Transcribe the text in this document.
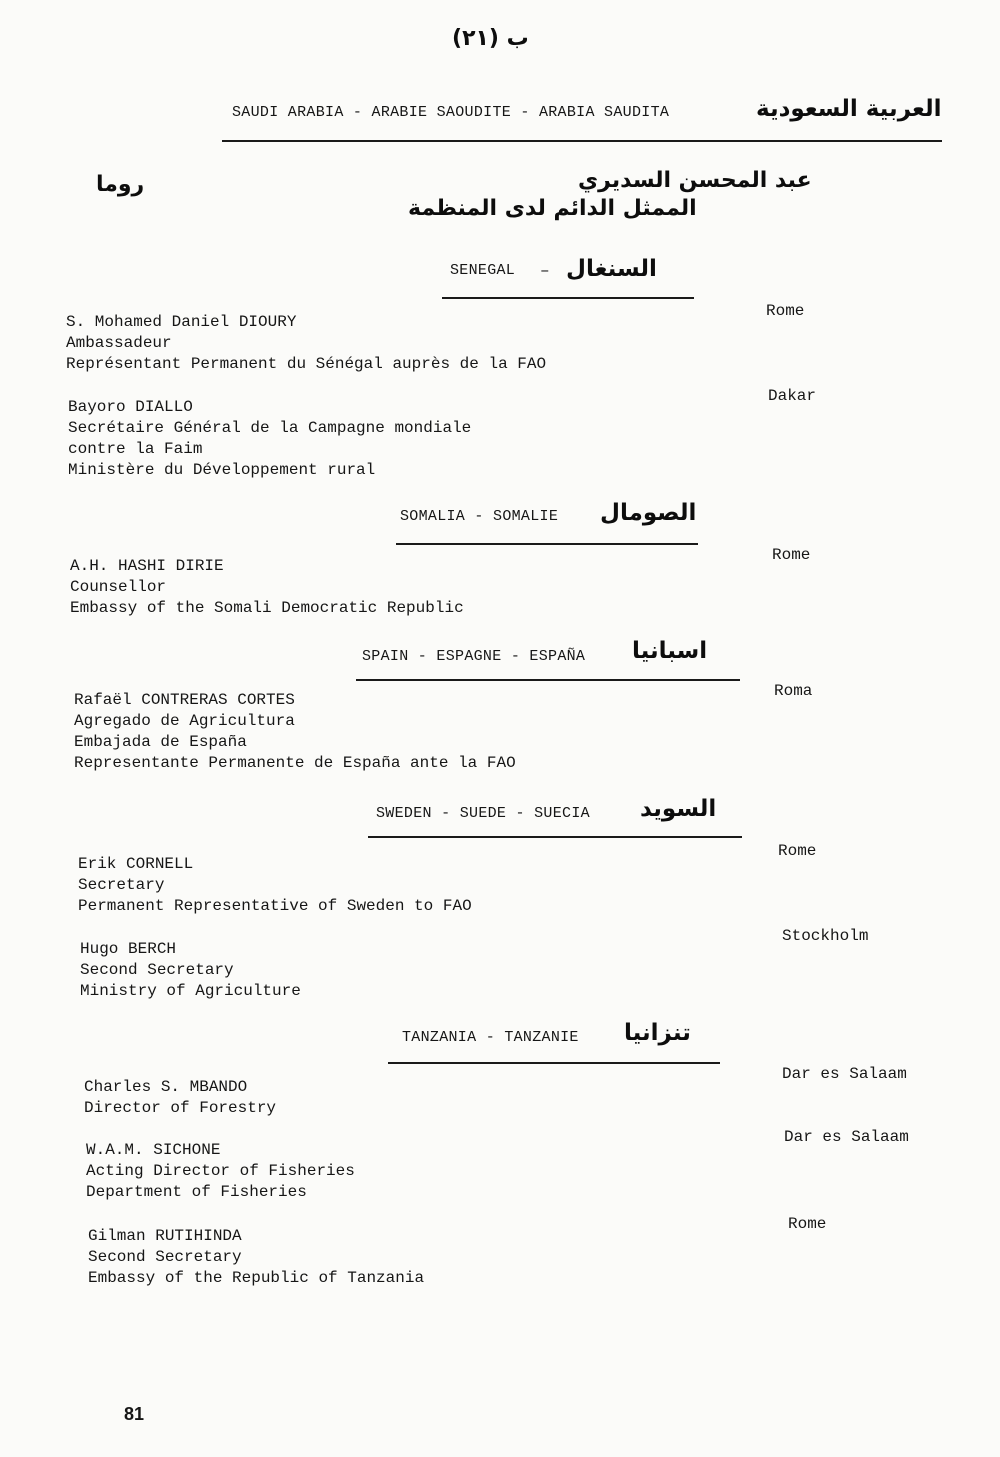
ب (٢١)
SAUDI ARABIA - ARABIE SAOUDITE - ARABIA SAUDITA	العربية السعودية
روما	عبد المحسن السديري
الممثل الدائم لدى المنظمة
SENEGAL – السنغال
Rome
S. Mohamed Daniel DIOURY
Ambassadeur
Représentant Permanent du Sénégal auprès de la FAO
Dakar
Bayoro DIALLO
Secrétaire Général de la Campagne mondiale
contre la Faim
Ministère du Développement rural
SOMALIA - SOMALIE الصومال
Rome
A.H. HASHI DIRIE
Counsellor
Embassy of the Somali Democratic Republic
SPAIN - ESPAGNE - ESPAÑA اسبانيا
Roma
Rafaël CONTRERAS CORTES
Agregado de Agricultura
Embajada de España
Representante Permanente de España ante la FAO
SWEDEN - SUEDE - SUECIA السويد
Rome
Erik CORNELL
Secretary
Permanent Representative of Sweden to FAO
Stockholm
Hugo BERCH
Second Secretary
Ministry of Agriculture
TANZANIA - TANZANIE تنزانيا
Dar es Salaam
Charles S. MBANDO
Director of Forestry
Dar es Salaam
W.A.M. SICHONE
Acting Director of Fisheries
Department of Fisheries
Rome
Gilman RUTIHINDA
Second Secretary
Embassy of the Republic of Tanzania
81
